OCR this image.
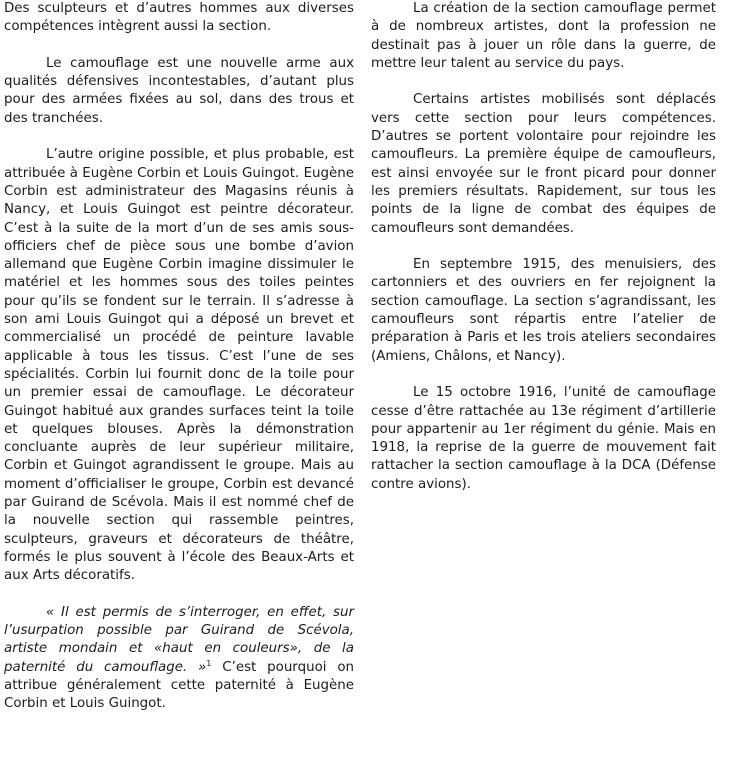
Des sculpteurs et d’autres hommes aux diverses compétences intègrent aussi la section.

Le camouflage est une nouvelle arme aux qualités défensives incontestables, d’autant plus pour des armées fixées au sol, dans des trous et des tranchées.

L’autre origine possible, et plus probable, est attribuée à Eugène Corbin et Louis Guingot. Eugène Corbin est administrateur des Magasins réunis à Nancy, et Louis Guingot est peintre décorateur. C’est à la suite de la mort d’un de ses amis sous-officiers chef de pièce sous une bombe d’avion allemand que Eugène Corbin imagine dissimuler le matériel et les hommes sous des toiles peintes pour qu’ils se fondent sur le terrain. Il s’adresse à son ami Louis Guingot qui a déposé un brevet et commercialisé un procédé de peinture lavable applicable à tous les tissus. C’est l’une de ses spécialités. Corbin lui fournit donc de la toile pour un premier essai de camouflage. Le décorateur Guingot habitué aux grandes surfaces teint la toile et quelques blouses. Après la démonstration concluante auprès de leur supérieur militaire, Corbin et Guingot agrandissent le groupe. Mais au moment d’officialiser le groupe, Corbin est devancé par Guirand de Scévola. Mais il est nommé chef de la nouvelle section qui rassemble peintres, sculpteurs, graveurs et décorateurs de théâtre, formés le plus souvent à l’école des Beaux-Arts et aux Arts décoratifs.

« Il est permis de s’interroger, en effet, sur l’usurpation possible par Guirand de Scévola, artiste mondain et «haut en couleurs», de la paternité du camouflage. »$^1$ C’est pourquoi on attribue généralement cette paternité à Eugène Corbin et Louis Guingot.

La création de la section camouflage permet à de nombreux artistes, dont la profession ne destinait pas à jouer un rôle dans la guerre, de mettre leur talent au service du pays.

Certains artistes mobilisés sont déplacés vers cette section pour leurs compétences. D’autres se portent volontaire pour rejoindre les camoufleurs. La première équipe de camoufleurs, est ainsi envoyée sur le front picard pour donner les premiers résultats. Rapidement, sur tous les points de la ligne de combat des équipes de camoufleurs sont demandées.

En septembre 1915, des menuisiers, des cartonniers et des ouvriers en fer rejoignent la section camouflage. La section s’agrandissant, les camoufleurs sont répartis entre l’atelier de préparation à Paris et les trois ateliers secondaires (Amiens, Châlons, et Nancy).

Le 15 octobre 1916, l’unité de camouflage cesse d’être rattachée au 13e régiment d’artillerie pour appartenir au 1er régiment du génie. Mais en 1918, la reprise de la guerre de mouvement fait rattacher la section camouflage à la DCA (Défense contre avions).
